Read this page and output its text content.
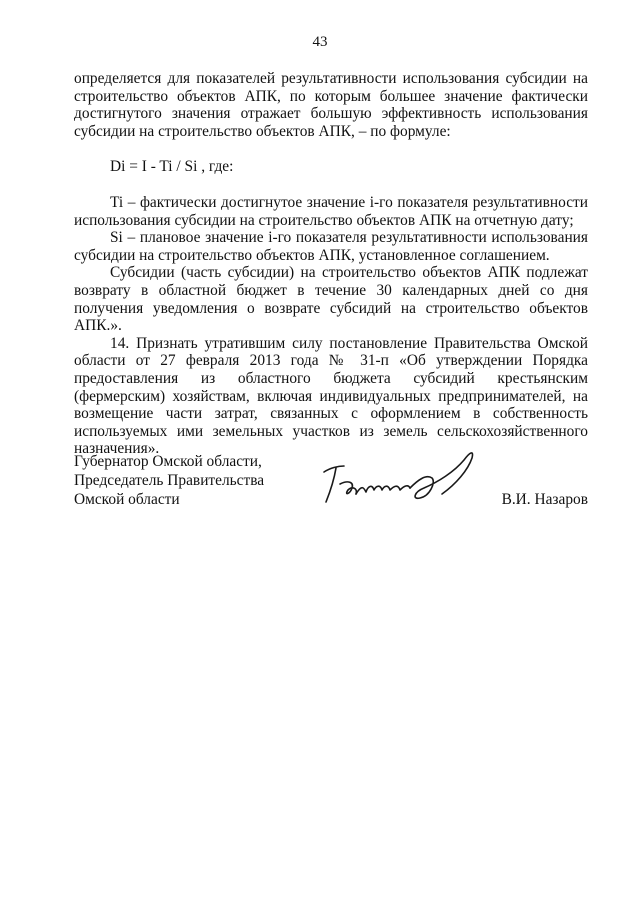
43

определяется для показателей результативности использования субсидии на строительство объектов АПК, по которым большее значение фактически достигнутого значения отражает большую эффективность использования субсидии на строительство объектов АПК, – по формуле:

Di = I - Ti / Si , где:

Ti – фактически достигнутое значение i-го показателя результативности использования субсидии на строительство объектов АПК на отчетную дату;

Si – плановое значение i-го показателя результативности использования субсидии на строительство объектов АПК, установленное соглашением.

Субсидии (часть субсидии) на строительство объектов АПК подлежат возврату в областной бюджет в течение 30 календарных дней со дня получения уведомления о возврате субсидий на строительство объектов АПК.».

14. Признать утратившим силу постановление Правительства Омской области от 27 февраля 2013 года № 31-п «Об утверждении Порядка предоставления из областного бюджета субсидий крестьянским (фермерским) хозяйствам, включая индивидуальных предпринимателей, на возмещение части затрат, связанных с оформлением в собственность используемых ими земельных участков из земель сельскохозяйственного назначения».

Губернатор Омской области,
Председатель Правительства
Омской области	В.И. Назаров
